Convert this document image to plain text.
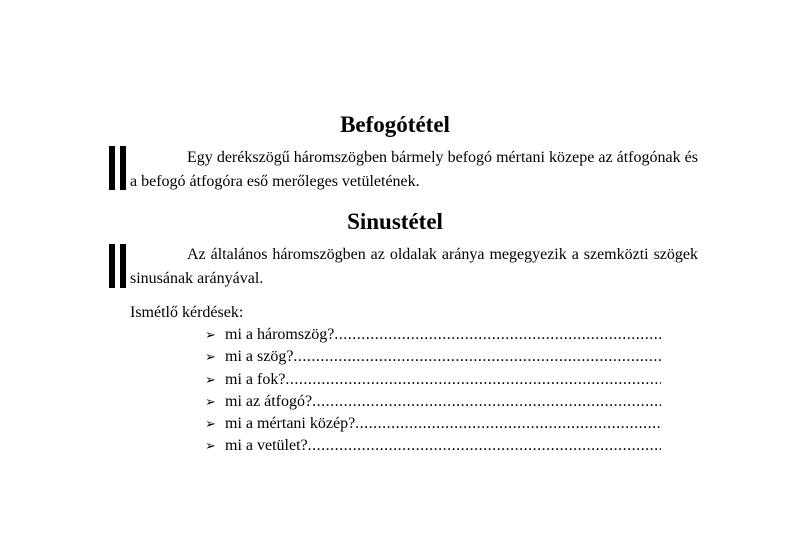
Befogótétel

Egy derékszögű háromszögben bármely befogó mértani közepe az átfogónak és a befogó átfogóra eső merőleges vetületének.

Sinustétel

Az általános háromszögben az oldalak aránya megegyezik a szemközti szögek sinusának arányával.

Ismétlő kérdések:

➢ mi a háromszög?
.....
➢ mi a szög?
.....
➢ mi a fok?
.....
➢ mi az átfogó?
.....
➢ mi a mértani közép?
.....
➢ mi a vetület?
.....
